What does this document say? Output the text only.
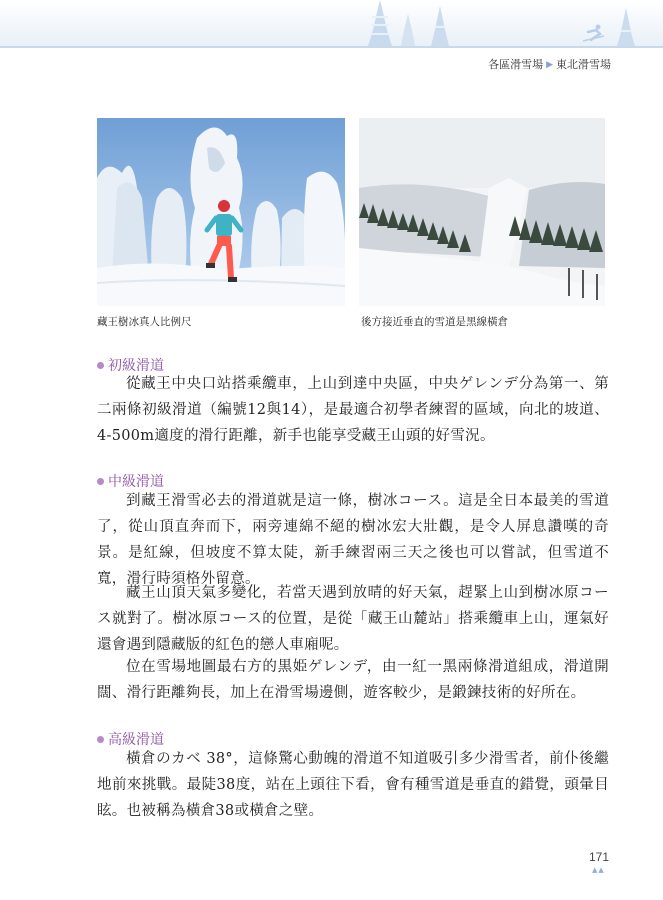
各區滑雪場 ▶ 東北滑雪場
藏王樹冰真人比例尺	後方接近垂直的雪道是黑線橫倉
初級滑道

從藏王中央口站搭乘纜車，上山到達中央區，中央ゲレンデ分為第一、第二兩條初級滑道（編號12與14），是最適合初學者練習的區域，向北的坡道、4-500m適度的滑行距離，新手也能享受藏王山頭的好雪況。

中級滑道

到藏王滑雪必去的滑道就是這一條，樹冰コース。這是全日本最美的雪道了，從山頂直奔而下，兩旁連綿不絕的樹冰宏大壯觀，是令人屏息讚嘆的奇景。是紅線，但坡度不算太陡，新手練習兩三天之後也可以嘗試，但雪道不寬，滑行時須格外留意。

藏王山頂天氣多變化，若當天遇到放晴的好天氣，趕緊上山到樹冰原コース就對了。樹冰原コース的位置，是從「藏王山麓站」搭乘纜車上山，運氣好還會遇到隱藏版的紅色的戀人車廂呢。

位在雪場地圖最右方的黒姫ゲレンデ，由一紅一黑兩條滑道組成，滑道開闊、滑行距離夠長，加上在滑雪場邊側，遊客較少，是鍛鍊技術的好所在。

高級滑道

橫倉のカベ 38°，這條驚心動魄的滑道不知道吸引多少滑雪者，前仆後繼地前來挑戰。最陡38度，站在上頭往下看，會有種雪道是垂直的錯覺，頭暈目眩。也被稱為橫倉38或橫倉之壁。

171
▲▲
